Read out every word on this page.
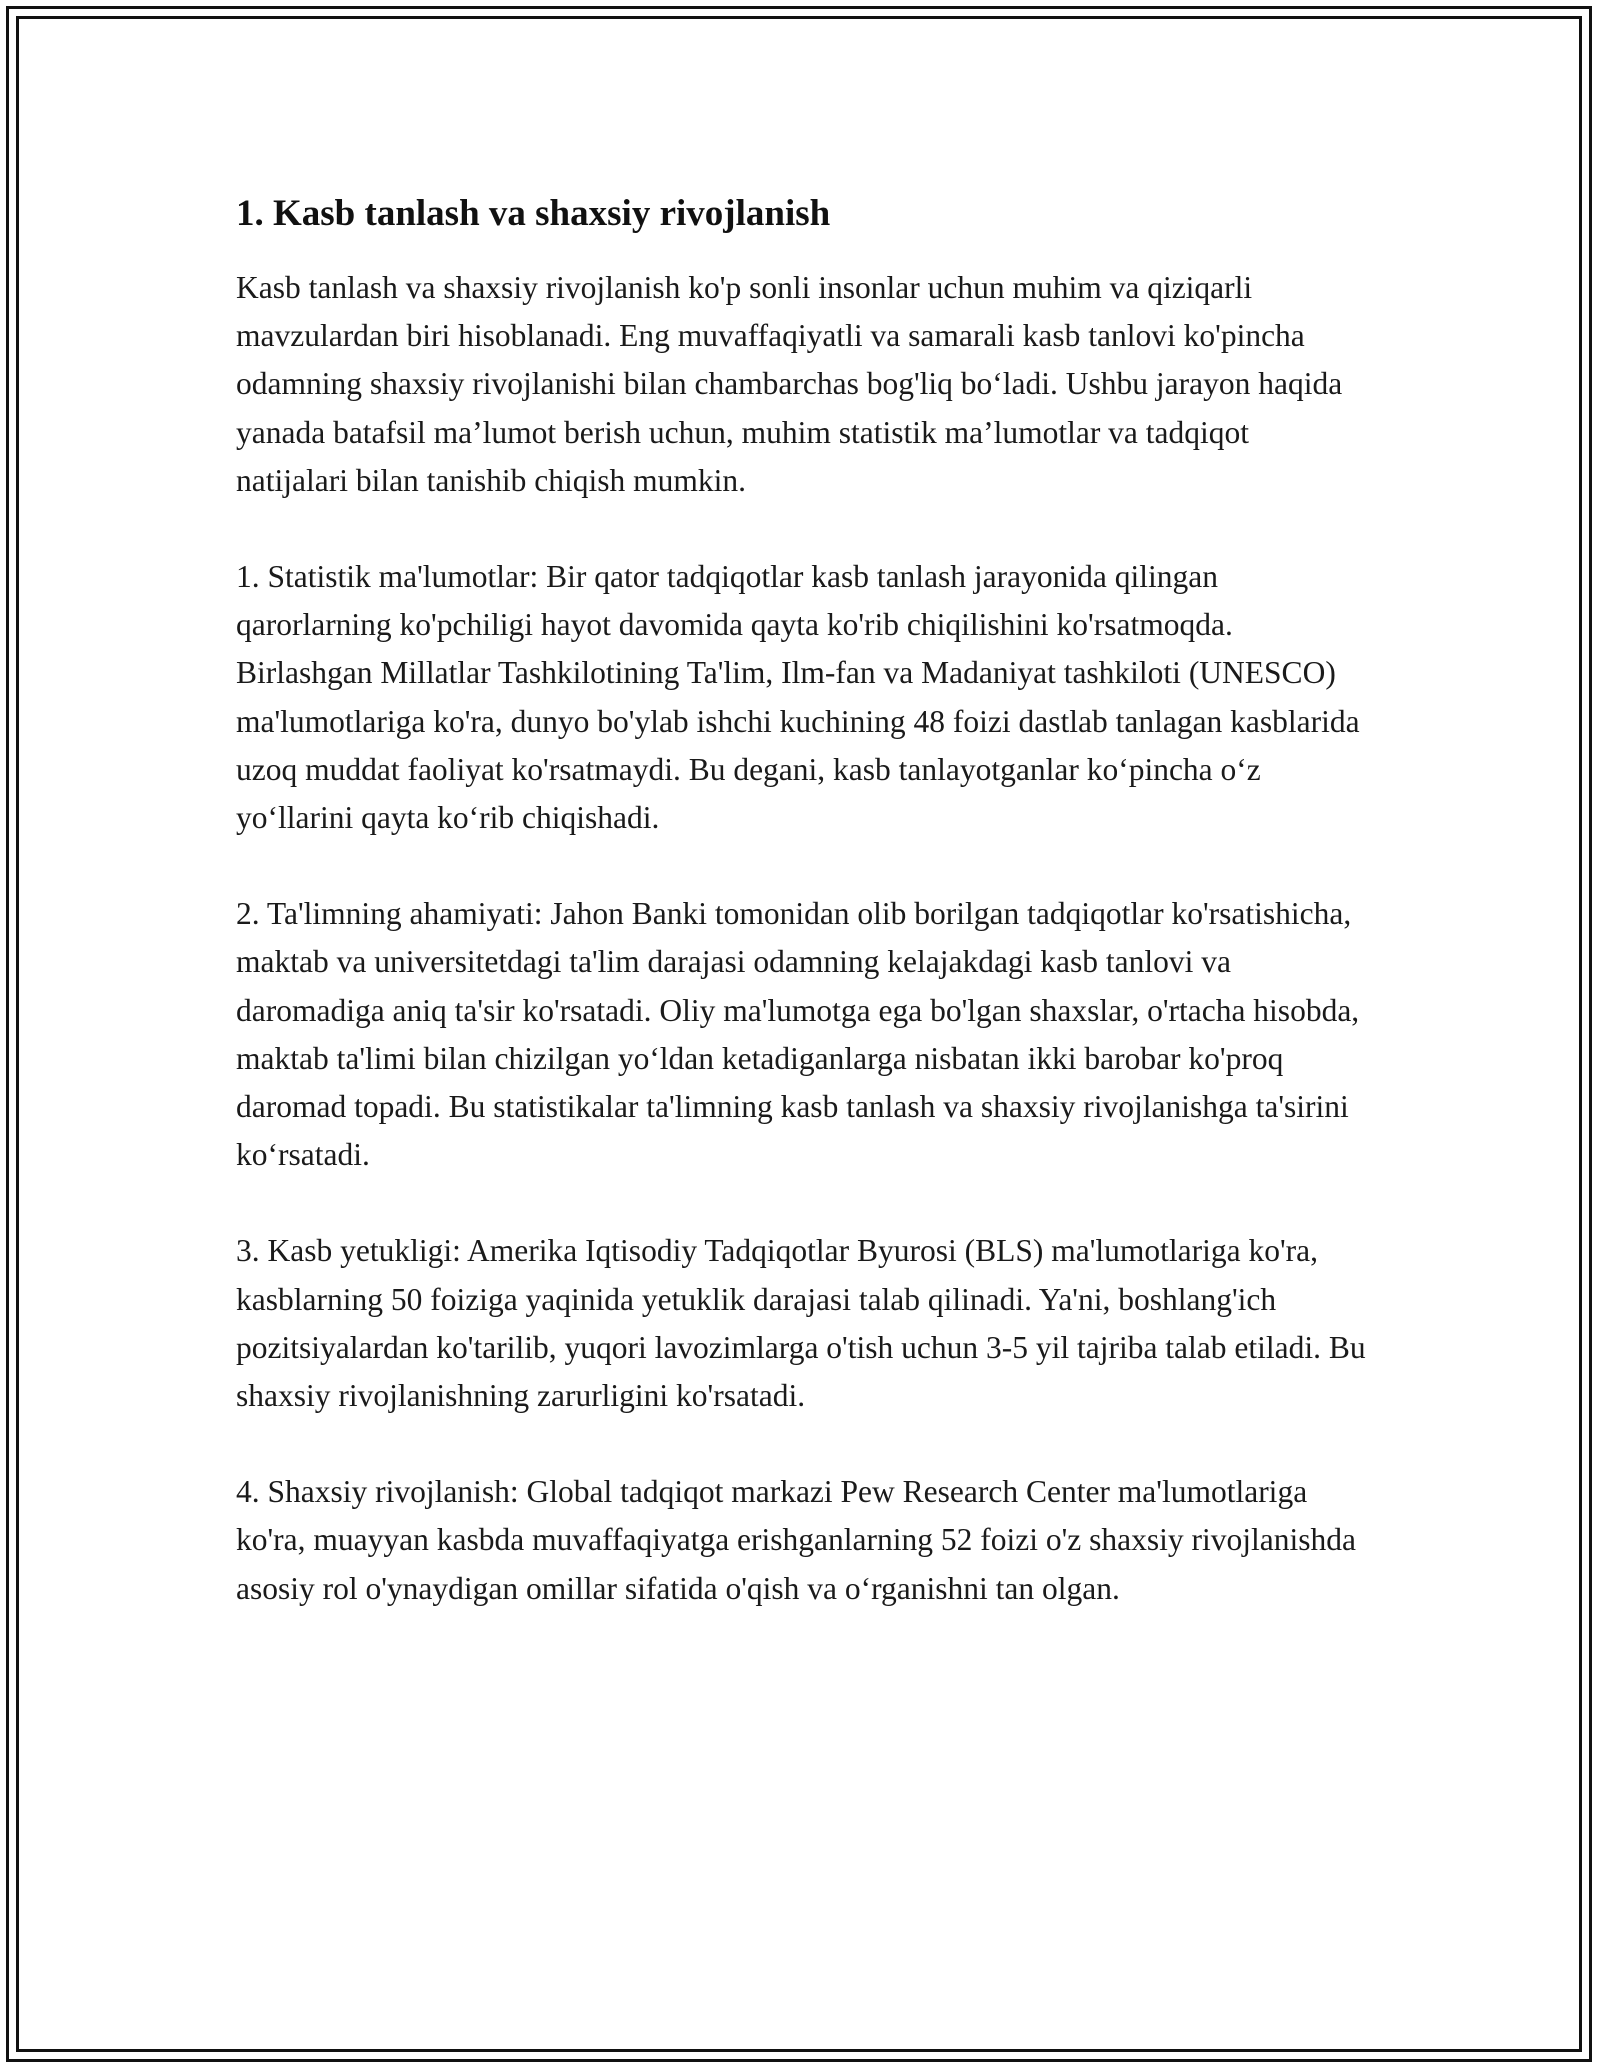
1. Kasb tanlash va shaxsiy rivojlanish

Kasb tanlash va shaxsiy rivojlanish ko'p sonli insonlar uchun muhim va qiziqarli mavzulardan biri hisoblanadi. Eng muvaffaqiyatli va samarali kasb tanlovi ko'pincha odamning shaxsiy rivojlanishi bilan chambarchas bog'liq bo‘ladi. Ushbu jarayon haqida yanada batafsil ma’lumot berish uchun, muhim statistik ma’lumotlar va tadqiqot natijalari bilan tanishib chiqish mumkin.

1. Statistik ma'lumotlar: Bir qator tadqiqotlar kasb tanlash jarayonida qilingan qarorlarning ko'pchiligi hayot davomida qayta ko'rib chiqilishini ko'rsatmoqda. Birlashgan Millatlar Tashkilotining Ta'lim, Ilm-fan va Madaniyat tashkiloti (UNESCO) ma'lumotlariga ko'ra, dunyo bo'ylab ishchi kuchining 48 foizi dastlab tanlagan kasblarida uzoq muddat faoliyat ko'rsatmaydi. Bu degani, kasb tanlayotganlar ko‘pincha o‘z yo‘llarini qayta ko‘rib chiqishadi.

2. Ta'limning ahamiyati: Jahon Banki tomonidan olib borilgan tadqiqotlar ko'rsatishicha, maktab va universitetdagi ta'lim darajasi odamning kelajakdagi kasb tanlovi va daromadiga aniq ta'sir ko'rsatadi. Oliy ma'lumotga ega bo'lgan shaxslar, o'rtacha hisobda, maktab ta'limi bilan chizilgan yo‘ldan ketadiganlarga nisbatan ikki barobar ko'proq daromad topadi. Bu statistikalar ta'limning kasb tanlash va shaxsiy rivojlanishga ta'sirini ko‘rsatadi.

3. Kasb yetukligi: Amerika Iqtisodiy Tadqiqotlar Byurosi (BLS) ma'lumotlariga ko'ra, kasblarning 50 foiziga yaqinida yetuklik darajasi talab qilinadi. Ya'ni, boshlang'ich pozitsiyalardan ko'tarilib, yuqori lavozimlarga o'tish uchun 3-5 yil tajriba talab etiladi. Bu shaxsiy rivojlanishning zarurligini ko'rsatadi.

4. Shaxsiy rivojlanish: Global tadqiqot markazi Pew Research Center ma'lumotlariga ko'ra, muayyan kasbda muvaffaqiyatga erishganlarning 52 foizi o'z shaxsiy rivojlanishda asosiy rol o'ynaydigan omillar sifatida o'qish va o‘rganishni tan olgan.
